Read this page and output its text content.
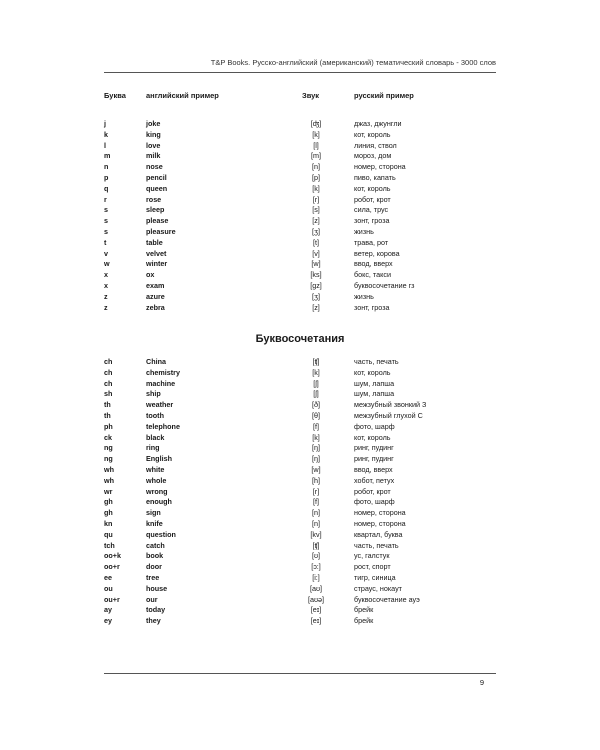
T&P Books. Русско-английский (американский) тематический словарь - 3000 слов
Буква	английский пример	Звук	русский пример
j	joke	[ʤ]	джаз, джунгли
k	king	[k]	кот, король
l	love	[l]	линия, ствол
m	milk	[m]	мороз, дом
n	nose	[n]	номер, сторона
p	pencil	[p]	пиво, капать
q	queen	[k]	кот, король
r	rose	[r]	робот, крот
s	sleep	[s]	сила, трус
s	please	[z]	зонт, гроза
s	pleasure	[ʒ]	жизнь
t	table	[t]	трава, рот
v	velvet	[v]	ветер, корова
w	winter	[w]	ввод, вверх
x	ox	[ks]	бокс, такси
x	exam	[gz]	буквосочетание гз
z	azure	[ʒ]	жизнь
z	zebra	[z]	зонт, гроза
Буквосочетания
ch	China	[ʧ]	часть, печать
ch	chemistry	[k]	кот, король
ch	machine	[ʃ]	шум, лапша
sh	ship	[ʃ]	шум, лапша
th	weather	[ð]	межзубный звонкий З
th	tooth	[θ]	межзубный глухой С
ph	telephone	[f]	фото, шарф
ck	black	[k]	кот, король
ng	ring	[ŋ]	ринг, пудинг
ng	English	[ŋ]	ринг, пудинг
wh	white	[w]	ввод, вверх
wh	whole	[h]	хобот, петух
wr	wrong	[r]	робот, крот
gh	enough	[f]	фото, шарф
gh	sign	[n]	номер, сторона
kn	knife	[n]	номер, сторона
qu	question	[kv]	квартал, буква
tch	catch	[ʧ]	часть, печать
oo+k	book	[ʊ]	ус, галстук
oo+r	door	[ɔ:]	рост, спорт
ee	tree	[i:]	тигр, синица
ou	house	[aʊ]	страус, нокаут
ou+r	our	[aʊə]	буквосочетание ауэ
ay	today	[eɪ]	брейк
ey	they	[eɪ]	брейк
9
